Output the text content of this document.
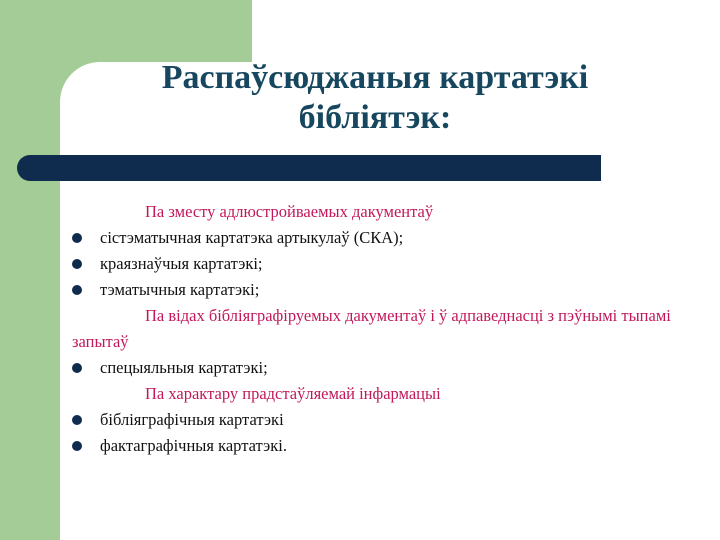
Распаўсюджаныя картатэкі
бібліятэк:
Па зместу адлюстройваемых дакументаў
сістэматычная картатэка артыкулаў (СКА);
краязнаўчыя картатэкі;
тэматычныя картатэкі;
Па відах бібліяграфіруемых дакументаў і ў адпаведнасці з пэўнымі тыпамі запытаў
спецыяльныя картатэкі;
Па характару прадстаўляемай інфармацыі
бібліяграфічныя картатэкі
фактаграфічныя картатэкі.
